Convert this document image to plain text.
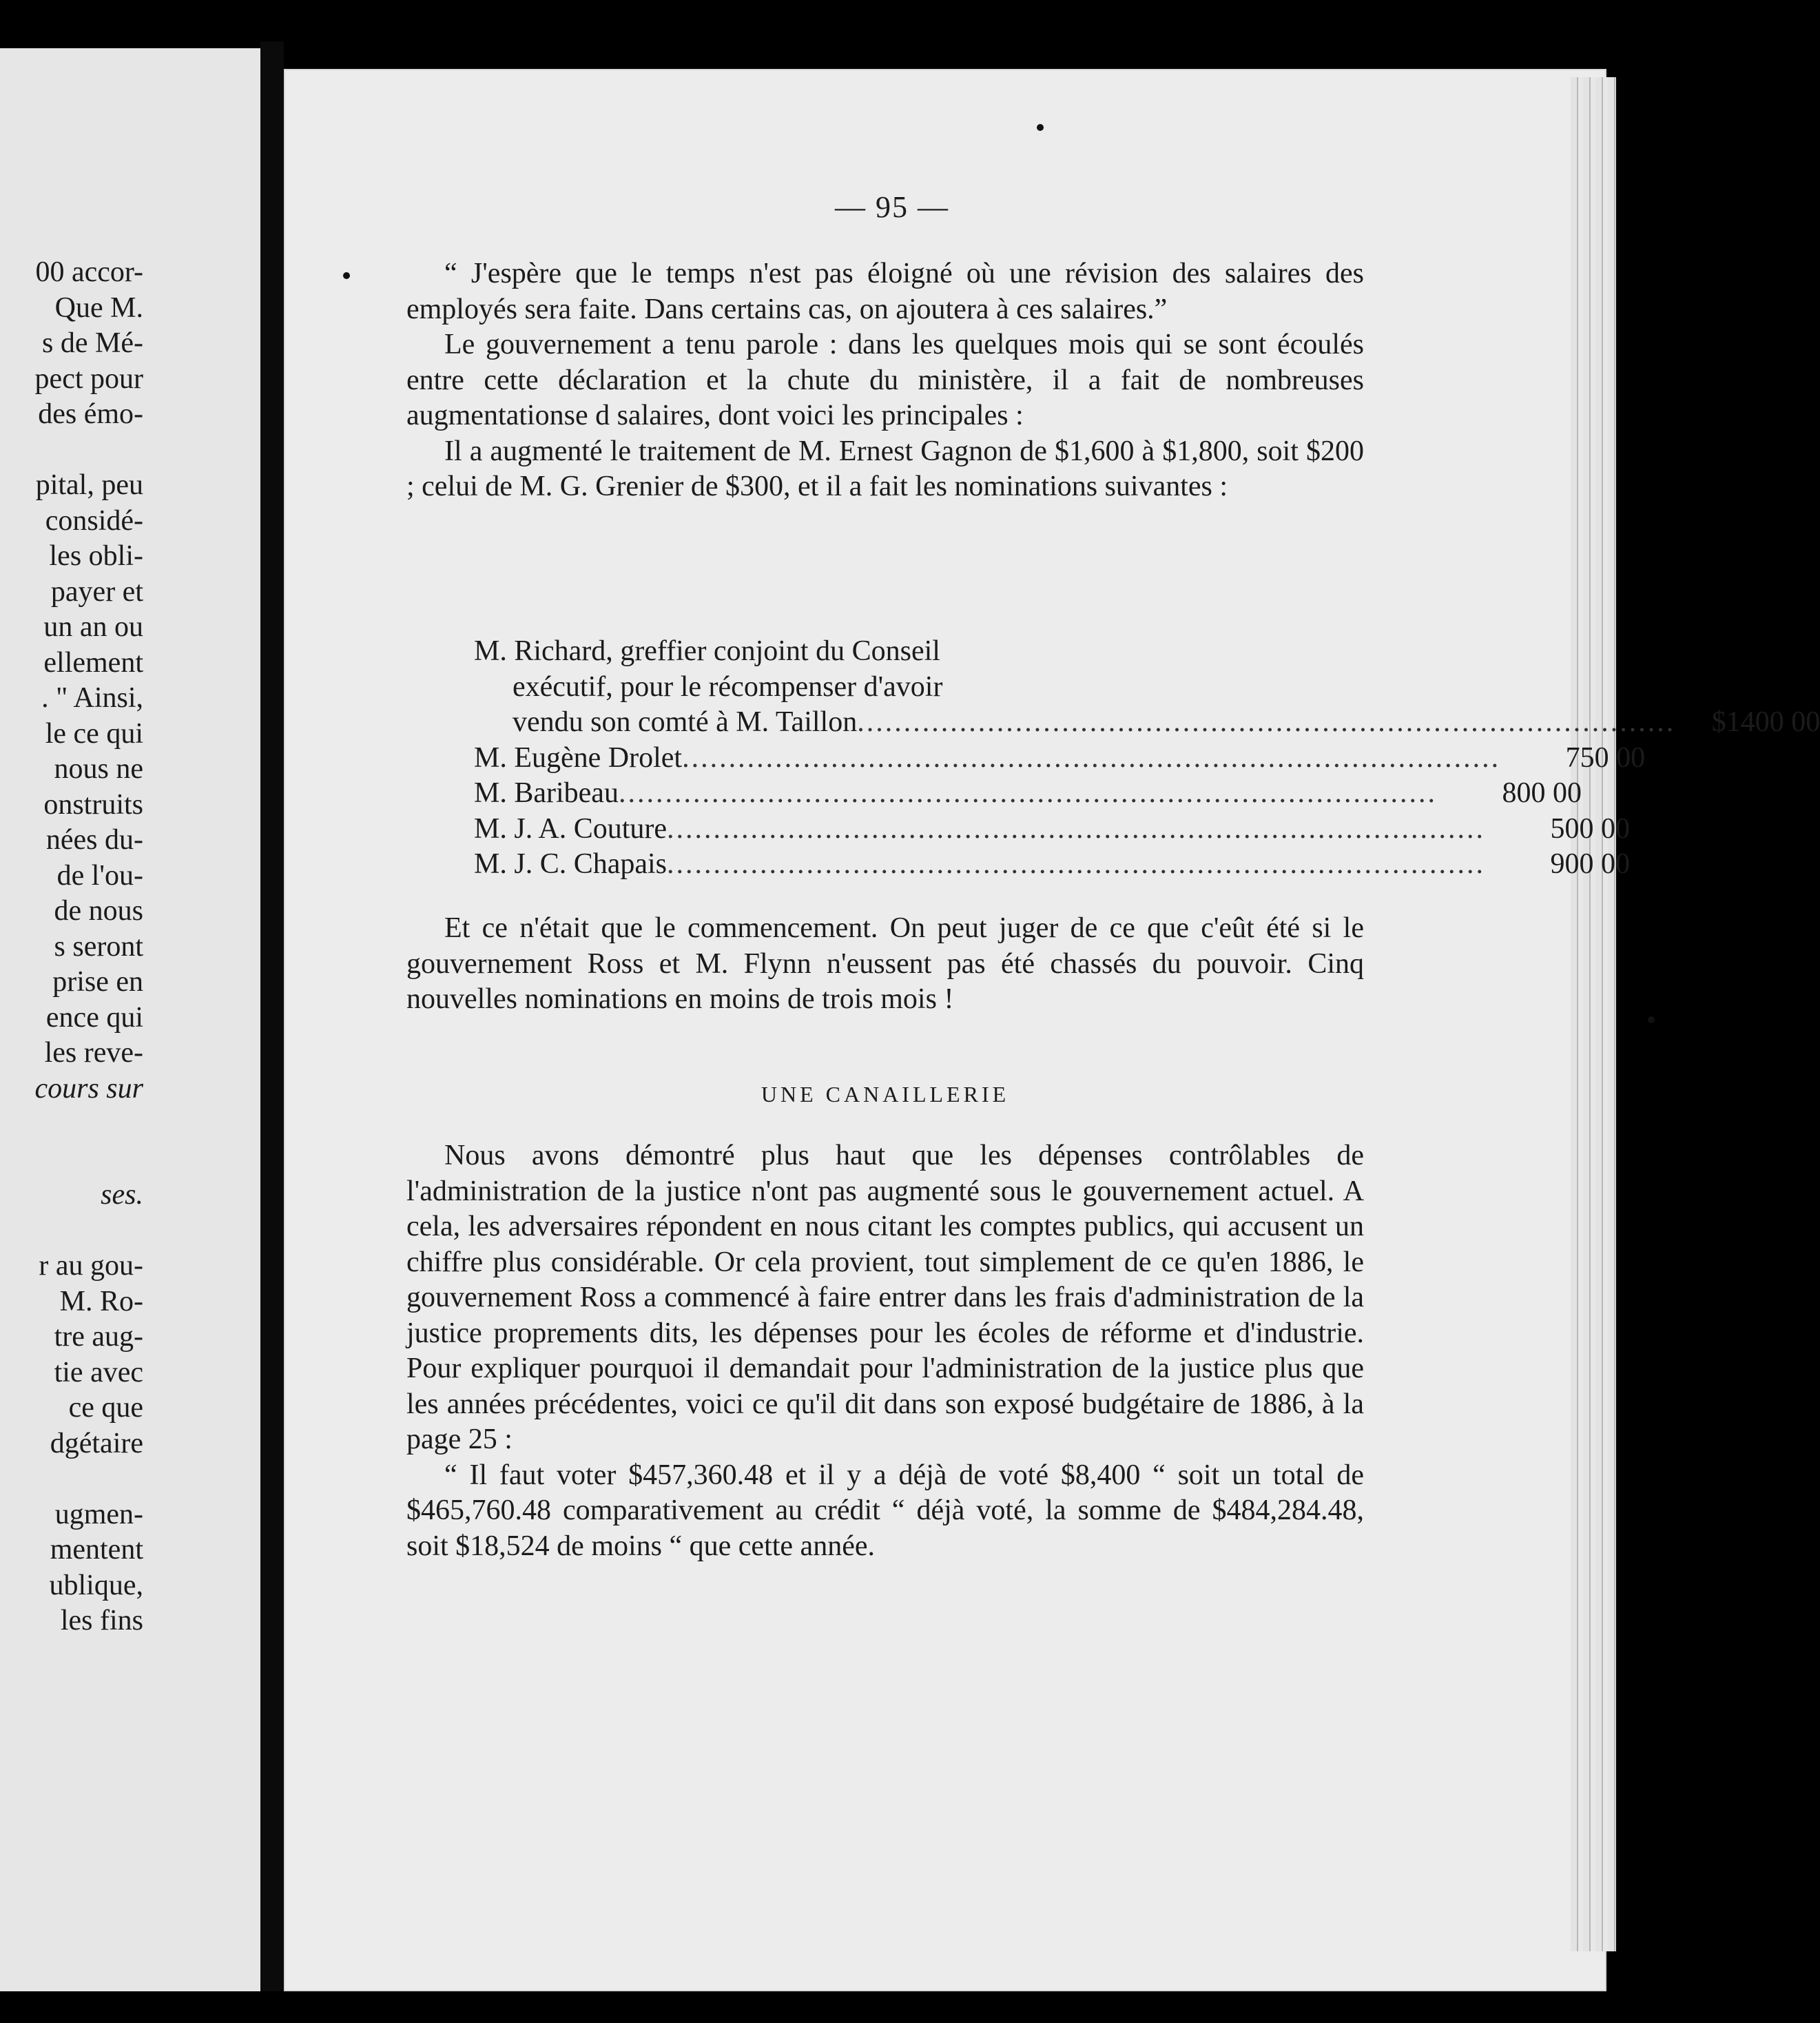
00 accor-
Que M.
s de Mé-
pect pour
des émo-
pital, peu
considé-
les obli-
payer et
un an ou
ellement
. " Ainsi,
le ce qui
nous ne
onstruits
nées du-
de l'ou-
de nous
s seront
prise en
ence qui
les reve-
cours sur
ses.
r au gou-
M. Ro-
tre aug-
tie avec
ce que
dgétaire
ugmen-
mentent
ublique,
les fins
— 95 —

“ J'espère que le temps n'est pas éloigné où une révision des salaires des employés sera faite. Dans certains cas, on ajoutera à ces salaires.”

Le gouvernement a tenu parole : dans les quelques mois qui se sont écoulés entre cette déclaration et la chute du ministère, il a fait de nombreuses augmentationse d salaires, dont voici les principales :

Il a augmenté le traitement de M. Ernest Gagnon de $1,600 à $1,800, soit $200 ; celui de M. G. Grenier de $300, et il a fait les nominations suivantes :

M. Richard, greffier conjoint du Conseil
exécutif, pour le récompenser d'avoir
vendu son comté à M. Taillon ........................................................................................	$1400 00
M. Eugène Drolet ........................................................................................	750 00
M. Baribeau ........................................................................................	800 00
M. J. A. Couture ........................................................................................	500 00
M. J. C. Chapais ........................................................................................	900 00

Et ce n'était que le commencement. On peut juger de ce que c'eût été si le gouvernement Ross et M. Flynn n'eussent pas été chassés du pouvoir. Cinq nouvelles nominations en moins de trois mois !

UNE CANAILLERIE

Nous avons démontré plus haut que les dépenses contrôlables de l'administration de la justice n'ont pas augmenté sous le gouvernement actuel. A cela, les adversaires répondent en nous citant les comptes publics, qui accusent un chiffre plus considérable. Or cela provient, tout simplement de ce qu'en 1886, le gouvernement Ross a commencé à faire entrer dans les frais d'administration de la justice proprements dits, les dépenses pour les écoles de réforme et d'industrie. Pour expliquer pourquoi il demandait pour l'administration de la justice plus que les années précédentes, voici ce qu'il dit dans son exposé budgétaire de 1886, à la page 25 :

“ Il faut voter $457,360.48 et il y a déjà de voté $8,400 “ soit un total de $465,760.48 comparativement au crédit “ déjà voté, la somme de $484,284.48, soit $18,524 de moins “ que cette année.
